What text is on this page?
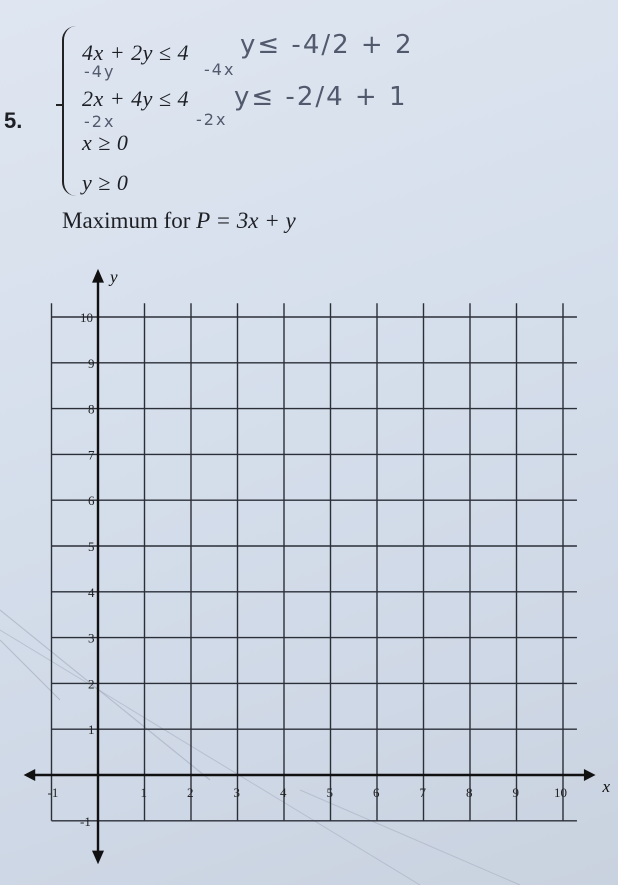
5.
4x + 2y ≤ 4
2x + 4y ≤ 4
x ≥ 0
y ≥ 0
y≤ -4/2 + 2
-4y	-4x
y≤ -2/4 + 1
-2x	-2x
Maximum for P = 3x + y
x
y
-1	1	2	3	4	5	6	7	8	9	10
1
2
3
4
5
6
7
8
9
10
-1
